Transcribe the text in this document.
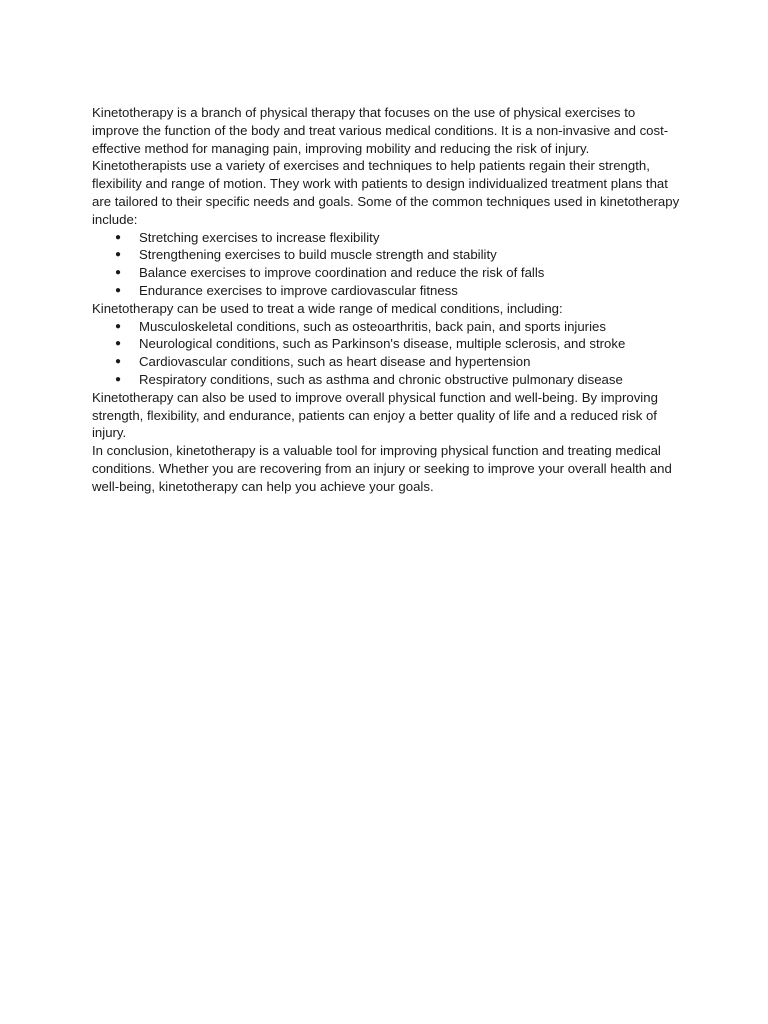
Kinetotherapy is a branch of physical therapy that focuses on the use of physical exercises to improve the function of the body and treat various medical conditions. It is a non-invasive and cost-effective method for managing pain, improving mobility and reducing the risk of injury.

Kinetotherapists use a variety of exercises and techniques to help patients regain their strength, flexibility and range of motion. They work with patients to design individualized treatment plans that are tailored to their specific needs and goals. Some of the common techniques used in kinetotherapy include:

● Stretching exercises to increase flexibility
● Strengthening exercises to build muscle strength and stability
● Balance exercises to improve coordination and reduce the risk of falls
● Endurance exercises to improve cardiovascular fitness

Kinetotherapy can be used to treat a wide range of medical conditions, including:

● Musculoskeletal conditions, such as osteoarthritis, back pain, and sports injuries
● Neurological conditions, such as Parkinson's disease, multiple sclerosis, and stroke
● Cardiovascular conditions, such as heart disease and hypertension
● Respiratory conditions, such as asthma and chronic obstructive pulmonary disease

Kinetotherapy can also be used to improve overall physical function and well-being. By improving strength, flexibility, and endurance, patients can enjoy a better quality of life and a reduced risk of injury.

In conclusion, kinetotherapy is a valuable tool for improving physical function and treating medical conditions. Whether you are recovering from an injury or seeking to improve your overall health and well-being, kinetotherapy can help you achieve your goals.
